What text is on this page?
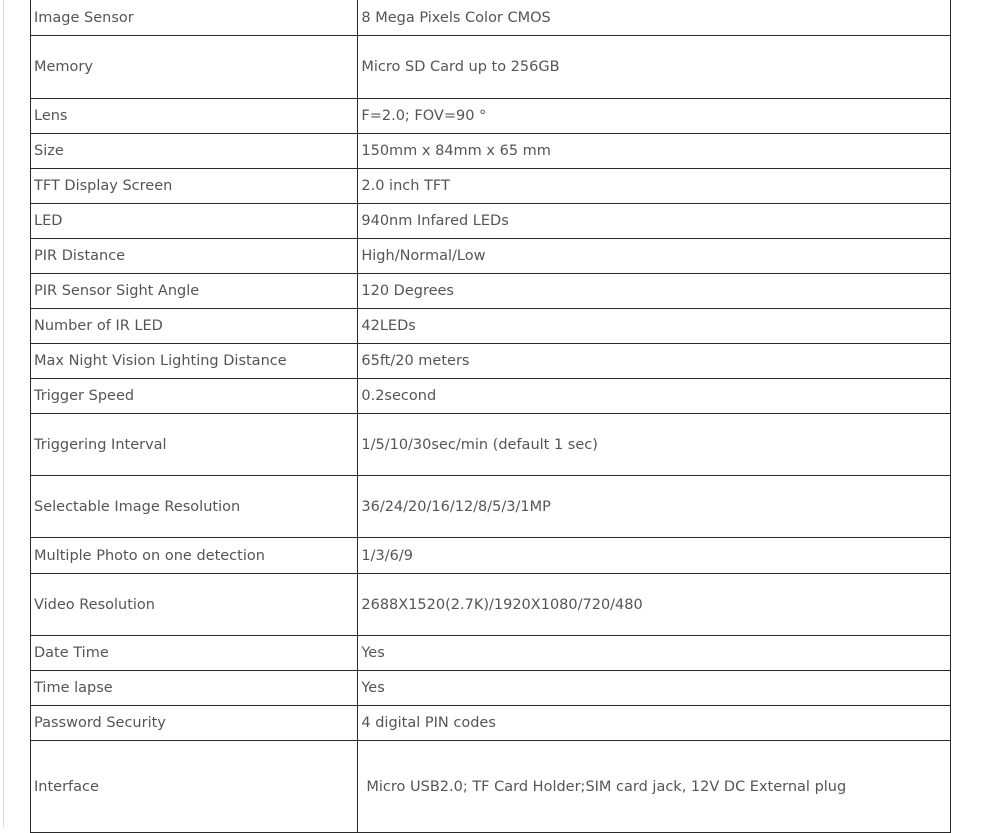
Image Sensor	8 Mega Pixels Color CMOS
Memory	Micro SD Card up to 256GB
Lens	F=2.0; FOV=90 °
Size	150mm x 84mm x 65 mm
TFT Display Screen	2.0 inch TFT
LED	940nm Infared LEDs
PIR Distance	High/Normal/Low
PIR Sensor Sight Angle	120 Degrees
Number of IR LED	42LEDs
Max Night Vision Lighting Distance	65ft/20 meters
Trigger Speed	0.2second
Triggering Interval	1/5/10/30sec/min (default 1 sec)
Selectable Image Resolution	36/24/20/16/12/8/5/3/1MP
Multiple Photo on one detection	1/3/6/9
Video Resolution	2688X1520(2.7K)/1920X1080/720/480
Date Time	Yes
Time lapse	Yes
Password Security	4 digital PIN codes
Interface	Micro USB2.0; TF Card Holder;SIM card jack, 12V DC External plug
